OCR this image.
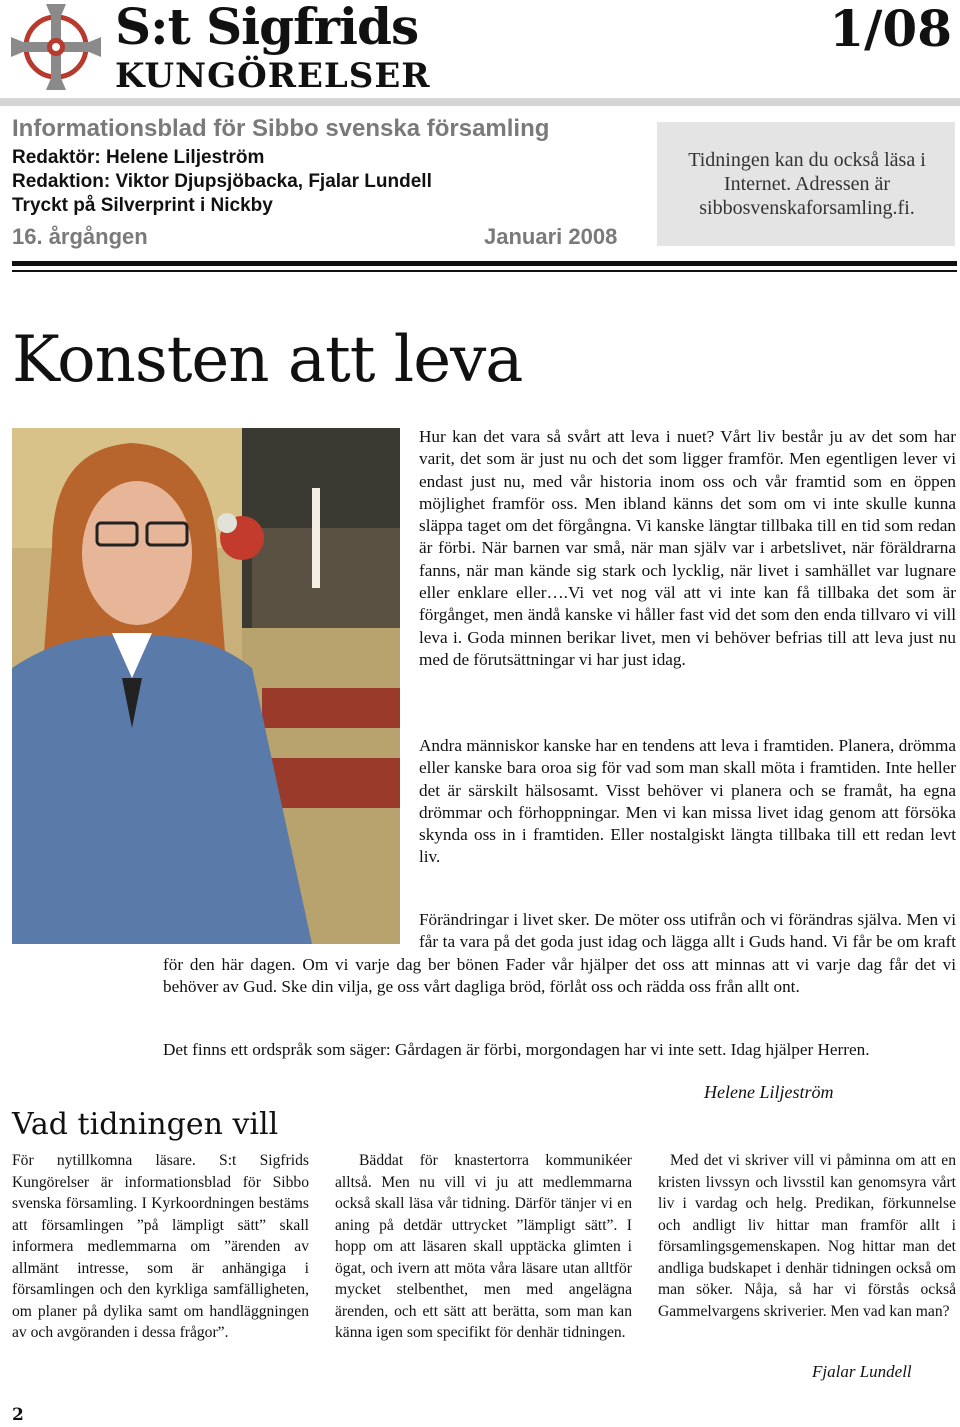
S:t Sigfrids
KUNGÖRELSER
1/08
Informationsblad för Sibbo svenska församling
Redaktör: Helene Liljeström
Redaktion: Viktor Djupsjöbacka, Fjalar Lundell
Tryckt på Silverprint i Nickby
16. årgången	Januari 2008
Tidningen kan du också läsa i Internet. Adressen är sibbosvenskaforsamling.fi.
Konsten att leva
Hur kan det vara så svårt att leva i nuet? Vårt liv består ju av det som har varit, det som är just nu och det som ligger framför. Men egentligen lever vi endast just nu, med vår historia inom oss och vår framtid som en öppen möjlighet framför oss. Men ibland känns det som om vi inte skulle kunna släppa taget om det förgångna. Vi kanske längtar tillbaka till en tid som redan är förbi. När barnen var små, när man själv var i arbetslivet, när föräldrarna fanns, när man kände sig stark och lycklig, när livet i samhället var lugnare eller enklare eller….Vi vet nog väl att vi inte kan få tillbaka det som är förgånget, men ändå kanske vi håller fast vid det som den enda tillvaro vi vill leva i. Goda minnen berikar livet, men vi behöver befrias till att leva just nu med de förutsättningar vi har just idag.
Andra människor kanske har en tendens att leva i framtiden. Planera, drömma eller kanske bara oroa sig för vad som man skall möta i framtiden. Inte heller det är särskilt hälsosamt. Visst behöver vi planera och se framåt, ha egna drömmar och förhoppningar. Men vi kan missa livet idag genom att försöka skynda oss in i framtiden. Eller nostalgiskt längta tillbaka till ett redan levt liv.
Förändringar i livet sker. De möter oss utifrån och vi förändras själva. Men vi får ta vara på det goda just idag och lägga allt i Guds hand. Vi får be om kraft för den här dagen. Om vi varje dag ber bönen Fader vår hjälper det oss att minnas att vi varje dag får det vi behöver av Gud. Ske din vilja, ge oss vårt dagliga bröd, förlåt oss och rädda oss från allt ont.
Det finns ett ordspråk som säger: Gårdagen är förbi, morgondagen har vi inte sett. Idag hjälper Herren.
Helene Liljeström
Vad tidningen vill
För nytillkomna läsare. S:t Sigfrids Kungörelser är informationsblad för Sibbo svenska församling. I Kyrkoordningen bestäms att församlingen ”på lämpligt sätt” skall informera medlemmarna om ”ärenden av allmänt intresse, som är anhängiga i församlingen och den kyrkliga samfälligheten, om planer på dylika samt om handläggningen av och avgöranden i dessa frågor”.
Bäddat för knastertorra kommunikéer alltså. Men nu vill vi ju att medlemmarna också skall läsa vår tidning. Därför tänjer vi en aning på detdär uttrycket ”lämpligt sätt”. I hopp om att läsaren skall upptäcka glimten i ögat, och ivern att möta våra läsare utan alltför mycket stelbenthet, men med angelägna ärenden, och ett sätt att berätta, som man kan känna igen som specifikt för denhär tidningen.
Med det vi skriver vill vi påminna om att en kristen livssyn och livsstil kan genomsyra vårt liv i vardag och helg. Predikan, förkunnelse och andligt liv hittar man framför allt i församlingsgemenskapen. Nog hittar man det andliga budskapet i denhär tidningen också om man söker. Nåja, så har vi förstås också Gammelvargens skriverier. Men vad kan man?
Fjalar Lundell
2
